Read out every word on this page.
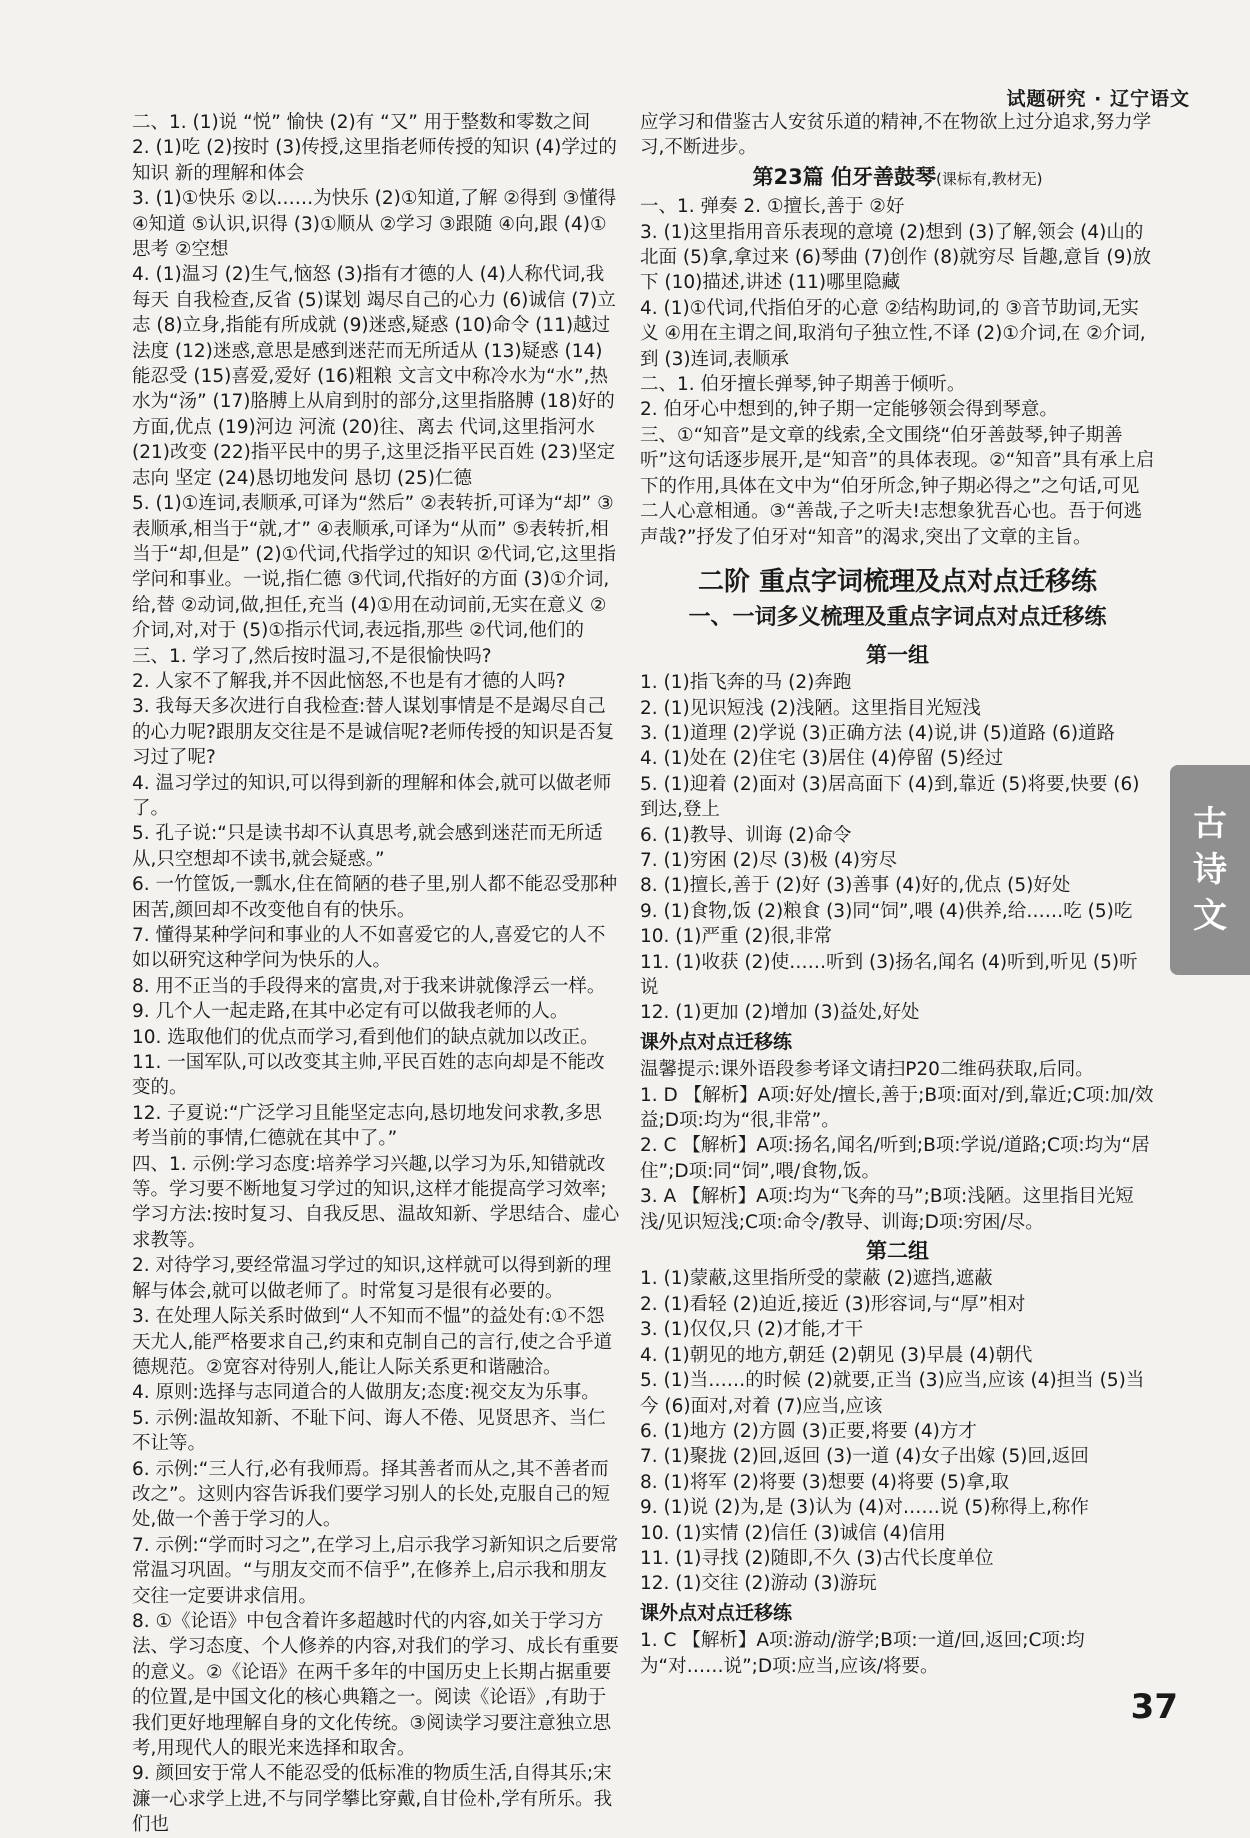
试题研究 · 辽宁语文

二、1. (1)说 “悦” 愉快 (2)有 “又” 用于整数和零数之间

2. (1)吃 (2)按时 (3)传授,这里指老师传授的知识 (4)学过的知识 新的理解和体会

3. (1)①快乐 ②以……为快乐 (2)①知道,了解 ②得到 ③懂得 ④知道 ⑤认识,识得 (3)①顺从 ②学习 ③跟随 ④向,跟 (4)①思考 ②空想

4. (1)温习 (2)生气,恼怒 (3)指有才德的人 (4)人称代词,我 每天 自我检查,反省 (5)谋划 竭尽自己的心力 (6)诚信 (7)立志 (8)立身,指能有所成就 (9)迷惑,疑惑 (10)命令 (11)越过 法度 (12)迷惑,意思是感到迷茫而无所适从 (13)疑惑 (14)能忍受 (15)喜爱,爱好 (16)粗粮 文言文中称冷水为“水”,热水为“汤” (17)胳膊上从肩到肘的部分,这里指胳膊 (18)好的方面,优点 (19)河边 河流 (20)往、离去 代词,这里指河水 (21)改变 (22)指平民中的男子,这里泛指平民百姓 (23)坚定志向 坚定 (24)恳切地发问 恳切 (25)仁德

5. (1)①连词,表顺承,可译为“然后” ②表转折,可译为“却” ③表顺承,相当于“就,才” ④表顺承,可译为“从而” ⑤表转折,相当于“却,但是” (2)①代词,代指学过的知识 ②代词,它,这里指学问和事业。一说,指仁德 ③代词,代指好的方面 (3)①介词,给,替 ②动词,做,担任,充当 (4)①用在动词前,无实在意义 ②介词,对,对于 (5)①指示代词,表远指,那些 ②代词,他们的

三、1. 学习了,然后按时温习,不是很愉快吗?

2. 人家不了解我,并不因此恼怒,不也是有才德的人吗?

3. 我每天多次进行自我检查:替人谋划事情是不是竭尽自己的心力呢?跟朋友交往是不是诚信呢?老师传授的知识是否复习过了呢?

4. 温习学过的知识,可以得到新的理解和体会,就可以做老师了。

5. 孔子说:“只是读书却不认真思考,就会感到迷茫而无所适从,只空想却不读书,就会疑惑。”

6. 一竹筐饭,一瓢水,住在简陋的巷子里,别人都不能忍受那种困苦,颜回却不改变他自有的快乐。

7. 懂得某种学问和事业的人不如喜爱它的人,喜爱它的人不如以研究这种学问为快乐的人。

8. 用不正当的手段得来的富贵,对于我来讲就像浮云一样。

9. 几个人一起走路,在其中必定有可以做我老师的人。

10. 选取他们的优点而学习,看到他们的缺点就加以改正。

11. 一国军队,可以改变其主帅,平民百姓的志向却是不能改变的。

12. 子夏说:“广泛学习且能坚定志向,恳切地发问求教,多思考当前的事情,仁德就在其中了。”

四、1. 示例:学习态度:培养学习兴趣,以学习为乐,知错就改等。学习要不断地复习学过的知识,这样才能提高学习效率;学习方法:按时复习、自我反思、温故知新、学思结合、虚心求教等。

2. 对待学习,要经常温习学过的知识,这样就可以得到新的理解与体会,就可以做老师了。时常复习是很有必要的。

3. 在处理人际关系时做到“人不知而不愠”的益处有:①不怨天尤人,能严格要求自己,约束和克制自己的言行,使之合乎道德规范。②宽容对待别人,能让人际关系更和谐融洽。

4. 原则:选择与志同道合的人做朋友;态度:视交友为乐事。

5. 示例:温故知新、不耻下问、诲人不倦、见贤思齐、当仁不让等。

6. 示例:“三人行,必有我师焉。择其善者而从之,其不善者而改之”。这则内容告诉我们要学习别人的长处,克服自己的短处,做一个善于学习的人。

7. 示例:“学而时习之”,在学习上,启示我学习新知识之后要常常温习巩固。“与朋友交而不信乎”,在修养上,启示我和朋友交往一定要讲求信用。

8. ①《论语》中包含着许多超越时代的内容,如关于学习方法、学习态度、个人修养的内容,对我们的学习、成长有重要的意义。②《论语》在两千多年的中国历史上长期占据重要的位置,是中国文化的核心典籍之一。阅读《论语》,有助于我们更好地理解自身的文化传统。③阅读学习要注意独立思考,用现代人的眼光来选择和取舍。

9. 颜回安于常人不能忍受的低标准的物质生活,自得其乐;宋濂一心求学上进,不与同学攀比穿戴,自甘俭朴,学有所乐。我们也

应学习和借鉴古人安贫乐道的精神,不在物欲上过分追求,努力学习,不断进步。

第23篇 伯牙善鼓琴(课标有,教材无)

一、1. 弹奏 2. ①擅长,善于 ②好

3. (1)这里指用音乐表现的意境 (2)想到 (3)了解,领会 (4)山的北面 (5)拿,拿过来 (6)琴曲 (7)创作 (8)就穷尽 旨趣,意旨 (9)放下 (10)描述,讲述 (11)哪里隐藏

4. (1)①代词,代指伯牙的心意 ②结构助词,的 ③音节助词,无实义 ④用在主谓之间,取消句子独立性,不译 (2)①介词,在 ②介词,到 (3)连词,表顺承

二、1. 伯牙擅长弹琴,钟子期善于倾听。

2. 伯牙心中想到的,钟子期一定能够领会得到琴意。

三、①“知音”是文章的线索,全文围绕“伯牙善鼓琴,钟子期善听”这句话逐步展开,是“知音”的具体表现。②“知音”具有承上启下的作用,具体在文中为“伯牙所念,钟子期必得之”之句话,可见二人心意相通。③“善哉,子之听夫!志想象犹吾心也。吾于何逃声哉?”抒发了伯牙对“知音”的渴求,突出了文章的主旨。

二阶 重点字词梳理及点对点迁移练
一、一词多义梳理及重点字词点对点迁移练
第一组

1. (1)指飞奔的马 (2)奔跑

2. (1)见识短浅 (2)浅陋。这里指目光短浅

3. (1)道理 (2)学说 (3)正确方法 (4)说,讲 (5)道路 (6)道路

4. (1)处在 (2)住宅 (3)居住 (4)停留 (5)经过

5. (1)迎着 (2)面对 (3)居高面下 (4)到,靠近 (5)将要,快要 (6)到达,登上

6. (1)教导、训诲 (2)命令

7. (1)穷困 (2)尽 (3)极 (4)穷尽

8. (1)擅长,善于 (2)好 (3)善事 (4)好的,优点 (5)好处

9. (1)食物,饭 (2)粮食 (3)同“饲”,喂 (4)供养,给……吃 (5)吃

10. (1)严重 (2)很,非常

11. (1)收获 (2)使……听到 (3)扬名,闻名 (4)听到,听见 (5)听说

12. (1)更加 (2)增加 (3)益处,好处

课外点对点迁移练

温馨提示:课外语段参考译文请扫P20二维码获取,后同。

1. D 【解析】A项:好处/擅长,善于;B项:面对/到,靠近;C项:加/效益;D项:均为“很,非常”。

2. C 【解析】A项:扬名,闻名/听到;B项:学说/道路;C项:均为“居住”;D项:同“饲”,喂/食物,饭。

3. A 【解析】A项:均为“飞奔的马”;B项:浅陋。这里指目光短浅/见识短浅;C项:命令/教导、训诲;D项:穷困/尽。

第二组

1. (1)蒙蔽,这里指所受的蒙蔽 (2)遮挡,遮蔽

2. (1)看轻 (2)迫近,接近 (3)形容词,与“厚”相对

3. (1)仅仅,只 (2)才能,才干

4. (1)朝见的地方,朝廷 (2)朝见 (3)早晨 (4)朝代

5. (1)当……的时候 (2)就要,正当 (3)应当,应该 (4)担当 (5)当今 (6)面对,对着 (7)应当,应该

6. (1)地方 (2)方圆 (3)正要,将要 (4)方才

7. (1)聚拢 (2)回,返回 (3)一道 (4)女子出嫁 (5)回,返回

8. (1)将军 (2)将要 (3)想要 (4)将要 (5)拿,取

9. (1)说 (2)为,是 (3)认为 (4)对……说 (5)称得上,称作

10. (1)实情 (2)信任 (3)诚信 (4)信用

11. (1)寻找 (2)随即,不久 (3)古代长度单位

12. (1)交往 (2)游动 (3)游玩

课外点对点迁移练

1. C 【解析】A项:游动/游学;B项:一道/回,返回;C项:均为“对……说”;D项:应当,应该/将要。

古
诗
文
37
